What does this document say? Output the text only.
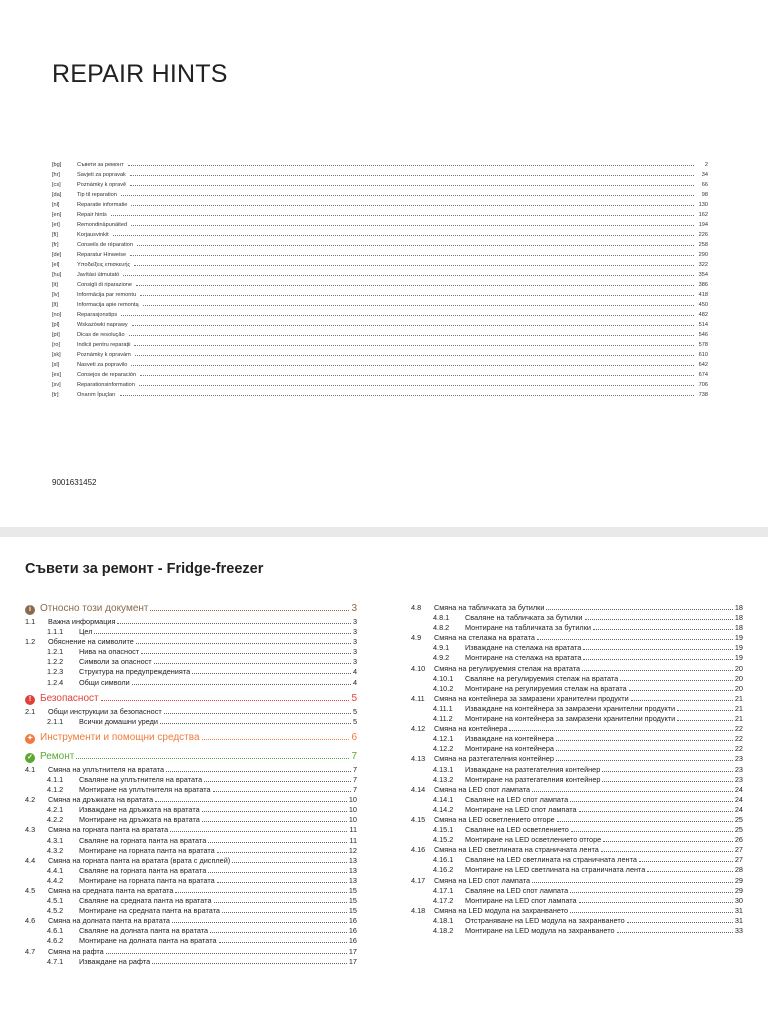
REPAIR HINTS
[bg]	Съвети за ремонт	2
[hr]	Savjeti za popravak	34
[cs]	Poznámky k opravě	66
[da]	Tip til reparation	98
[nl]	Reparatie informatie	130
[en]	Repair hints	162
[et]	Remondinäpunäited	194
[fi]	Korjausvinkit	226
[fr]	Conseils de réparation	258
[de]	Reparatur Hinweise	290
[el]	Υποδείξεις επισκευής	322
[hu]	Javítási útmutató	354
[it]	Consigli di riparazione	386
[lv]	Informācija par remontu	418
[lt]	Informacija apie remontą	450
[no]	Reparasjonstips	482
[pl]	Wskazówki naprawy	514
[pt]	Dicas de resolução	546
[ro]	Indicii pentru reparații	578
[sk]	Poznámky k opravám	610
[sl]	Nasveti za popravilo	642
[es]	Consejos de reparación	674
[sv]	Reparationsinformation	706
[tr]	Onarım İpuçları	738
9001631452
Съвети за ремонт - Fridge-freezer
i Относно този документ	3
1.1	Важна информация	3
1.1.1	Цел	3
1.2	Обяснение на символите	3
1.2.1	Нива на опасност	3
1.2.2	Символи за опасност	3
1.2.3	Структура на предупрежденията	4
1.2.4	Общи символи	4
! Безопасност	5
2.1	Общи инструкции за безопасност	5
2.1.1	Всички домашни уреди	5
✦ Инструменти и помощни средства	6
✓ Ремонт	7
4.1	Смяна на уплътнителя на вратата	7
4.1.1	Сваляне на уплътнителя на вратата	7
4.1.2	Монтиране на уплътнителя на вратата	7
4.2	Смяна на дръжката на вратата	10
4.2.1	Изваждане на дръжката на вратата	10
4.2.2	Монтиране на дръжката на вратата	10
4.3	Смяна на горната панта на вратата	11
4.3.1	Сваляне на горната панта на вратата	11
4.3.2	Монтиране на горната панта на вратата	12
4.4	Смяна на горната панта на вратата (врата с дисплей)	13
4.4.1	Сваляне на горната панта на вратата	13
4.4.2	Монтиране на горната панта на вратата	13
4.5	Смяна на средната панта на вратата	15
4.5.1	Сваляне на средната панта на вратата	15
4.5.2	Монтиране на средната панта на вратата	15
4.6	Смяна на долната панта на вратата	16
4.6.1	Сваляне на долната панта на вратата	16
4.6.2	Монтиране на долната панта на вратата	16
4.7	Смяна на рафта	17
4.7.1	Изваждане на рафта	17
4.8	Смяна на табличката за бутилки	18
4.8.1	Сваляне на табличката за бутилки	18
4.8.2	Монтиране на табличката за бутилки	18
4.9	Смяна на стелажа на вратата	19
4.9.1	Изваждане на стелажа на вратата	19
4.9.2	Монтиране на стелажа на вратата	19
4.10	Смяна на регулируемия стелаж на вратата	20
4.10.1	Сваляне на регулируемия стелаж на вратата	20
4.10.2	Монтиране на регулируемия стелаж на вратата	20
4.11	Смяна на контейнера за замразени хранителни продукти	21
4.11.1	Изваждане на контейнера за замразени хранителни продукти	21
4.11.2	Монтиране на контейнера за замразени хранителни продукти	21
4.12	Смяна на контейнера	22
4.12.1	Изваждане на контейнера	22
4.12.2	Монтиране на контейнера	22
4.13	Смяна на разтегателния контейнер	23
4.13.1	Изваждане на разтегателния контейнер	23
4.13.2	Монтиране на разтегателния контейнер	23
4.14	Смяна на LED спот лампата	24
4.14.1	Сваляне на LED спот лампата	24
4.14.2	Монтиране на LED спот лампата	24
4.15	Смяна на LED осветлението отгоре	25
4.15.1	Сваляне на LED осветлението	25
4.15.2	Монтиране на LED осветлението отгоре	26
4.16	Смяна на LED светлината на страничната лента	27
4.16.1	Сваляне на LED светлината на страничната лента	27
4.16.2	Монтиране на LED светлината на страничната лента	28
4.17	Смяна на LED спот лампата	29
4.17.1	Сваляне на LED спот лампата	29
4.17.2	Монтиране на LED спот лампата	30
4.18	Смяна на LED модула на захранването	31
4.18.1	Отстраняване на LED модула на захранването	31
4.18.2	Монтиране на LED модула на захранването	33
